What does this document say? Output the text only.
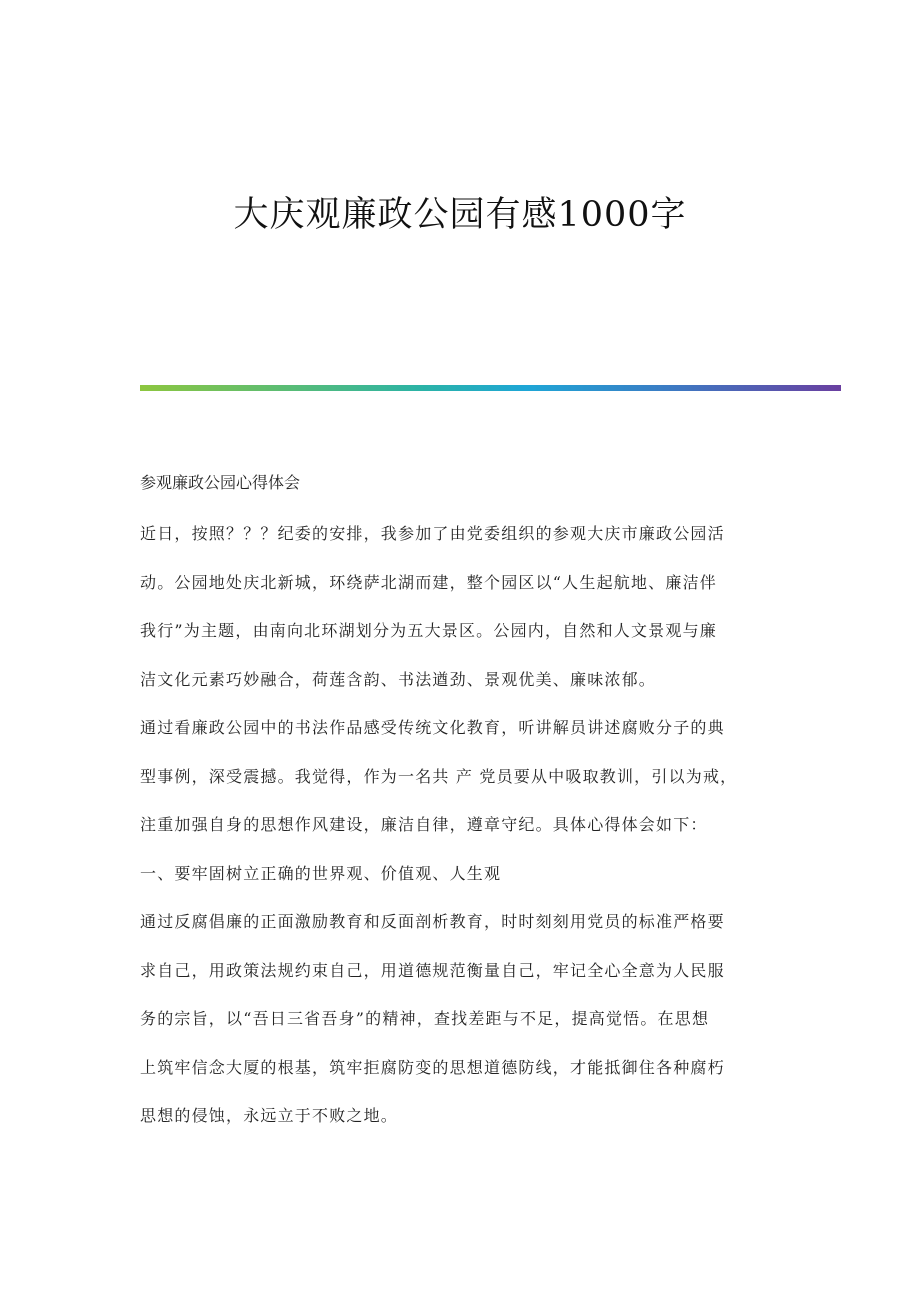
大庆观廉政公园有感1000字

参观廉政公园心得体会

近日，按照？？？纪委的安排，我参加了由党委组织的参观大庆市廉政公园活
动。公园地处庆北新城，环绕萨北湖而建，整个园区以“人生起航地、廉洁伴
我行”为主题，由南向北环湖划分为五大景区。公园内，自然和人文景观与廉
洁文化元素巧妙融合，荷莲含韵、书法遒劲、景观优美、廉味浓郁。
通过看廉政公园中的书法作品感受传统文化教育，听讲解员讲述腐败分子的典
型事例，深受震撼。我觉得，作为一名共 产 党员要从中吸取教训，引以为戒，
注重加强自身的思想作风建设，廉洁自律，遵章守纪。具体心得体会如下：
一、要牢固树立正确的世界观、价值观、人生观
通过反腐倡廉的正面激励教育和反面剖析教育，时时刻刻用党员的标准严格要
求自己，用政策法规约束自己，用道德规范衡量自己，牢记全心全意为人民服
务的宗旨，以“吾日三省吾身”的精神，查找差距与不足，提高觉悟。在思想
上筑牢信念大厦的根基，筑牢拒腐防变的思想道德防线，才能抵御住各种腐朽
思想的侵蚀，永远立于不败之地。
